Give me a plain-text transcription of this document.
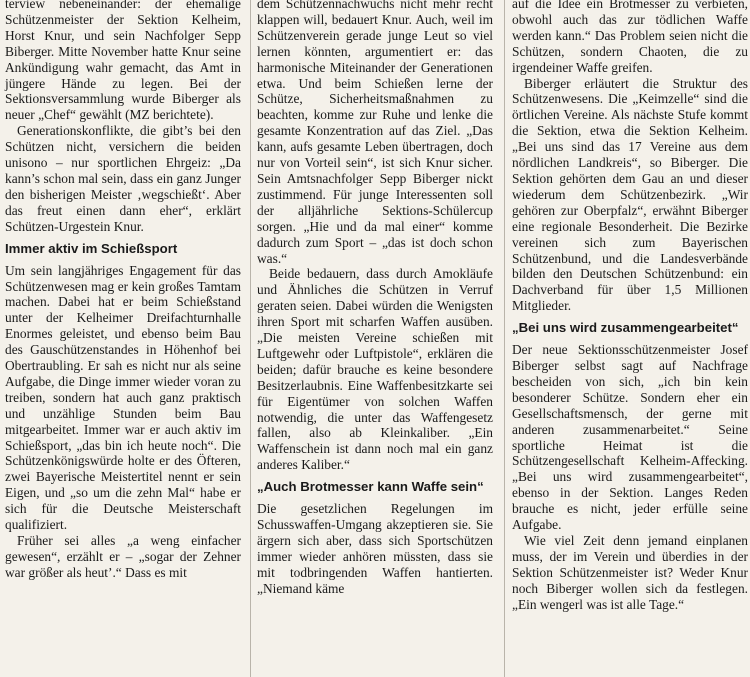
terview nebeneinander: der ehemalige Schützenmeister der Sektion Kelheim, Horst Knur, und sein Nachfolger Sepp Biberger. Mitte November hatte Knur seine Ankündigung wahr gemacht, das Amt in jüngere Hände zu legen. Bei der Sektionsversammlung wurde Biberger als neuer „Chef“ gewählt (MZ berichtete).

Generationskonflikte, die gibt’s bei den Schützen nicht, versichern die beiden unisono – nur sportlichen Ehrgeiz: „Da kann’s schon mal sein, dass ein ganz Junger den bisherigen Meister ‚wegschießt‘. Aber das freut einen dann eher“, erklärt Schützen-Urgestein Knur.

Immer aktiv im Schießsport

Um sein langjähriges Engagement für das Schützenwesen mag er kein großes Tamtam machen. Dabei hat er beim Schießstand unter der Kelheimer Dreifachturnhalle Enormes geleistet, und ebenso beim Bau des Gauschützenstandes in Höhenhof bei Obertraubling. Er sah es nicht nur als seine Aufgabe, die Dinge immer wieder voran zu treiben, sondern hat auch ganz praktisch und unzählige Stunden beim Bau mitgearbeitet. Immer war er auch aktiv im Schießsport, „das bin ich heute noch“. Die Schützenkönigswürde holte er des Öfteren, zwei Bayerische Meistertitel nennt er sein Eigen, und „so um die zehn Mal“ habe er sich für die Deutsche Meisterschaft qualifiziert.

Früher sei alles „a weng einfacher gewesen“, erzählt er – „sogar der Zehner war größer als heut’.“ Dass es mit

dem Schützennachwuchs nicht mehr recht klappen will, bedauert Knur. Auch, weil im Schützenverein gerade junge Leut so viel lernen könnten, argumentiert er: das harmonische Miteinander der Generationen etwa. Und beim Schießen lerne der Schütze, Sicherheitsmaßnahmen zu beachten, komme zur Ruhe und lenke die gesamte Konzentration auf das Ziel. „Das kann, aufs gesamte Leben übertragen, doch nur von Vorteil sein“, ist sich Knur sicher. Sein Amtsnachfolger Sepp Biberger nickt zustimmend. Für junge Interessenten soll der alljährliche Sektions-Schülercup sorgen. „Hie und da mal einer“ komme dadurch zum Sport – „das ist doch schon was.“

Beide bedauern, dass durch Amokläufe und Ähnliches die Schützen in Verruf geraten seien. Dabei würden die Wenigsten ihren Sport mit scharfen Waffen ausüben. „Die meisten Vereine schießen mit Luftgewehr oder Luftpistole“, erklären die beiden; dafür brauche es keine besondere Besitzerlaubnis. Eine Waffenbesitzkarte sei für Eigentümer von solchen Waffen notwendig, die unter das Waffengesetz fallen, also ab Kleinkaliber. „Ein Waffenschein ist dann noch mal ein ganz anderes Kaliber.“

„Auch Brotmesser kann Waffe sein“

Die gesetzlichen Regelungen im Schusswaffen-Umgang akzeptieren sie. Sie ärgern sich aber, dass sich Sportschützen immer wieder anhören müssten, dass sie mit todbringenden Waffen hantierten. „Niemand käme

auf die Idee ein Brotmesser zu verbieten, obwohl auch das zur tödlichen Waffe werden kann.“ Das Problem seien nicht die Schützen, sondern Chaoten, die zu irgendeiner Waffe greifen.

Biberger erläutert die Struktur des Schützenwesens. Die „Keimzelle“ sind die örtlichen Vereine. Als nächste Stufe kommt die Sektion, etwa die Sektion Kelheim. „Bei uns sind das 17 Vereine aus dem nördlichen Landkreis“, so Biberger. Die Sektion gehörten dem Gau an und dieser wiederum dem Schützenbezirk. „Wir gehören zur Oberpfalz“, erwähnt Biberger eine regionale Besonderheit. Die Bezirke vereinen sich zum Bayerischen Schützenbund, und die Landesverbände bilden den Deutschen Schützenbund: ein Dachverband für über 1,5 Millionen Mitglieder.

„Bei uns wird zusammengearbeitet“

Der neue Sektionsschützenmeister Josef Biberger selbst sagt auf Nachfrage bescheiden von sich, „ich bin kein besonderer Schütze. Sondern eher ein Gesellschaftsmensch, der gerne mit anderen zusammenarbeitet.“ Seine sportliche Heimat ist die Schützengesellschaft Kelheim-Affecking. „Bei uns wird zusammengearbeitet“, ebenso in der Sektion. Langes Reden brauche es nicht, jeder erfülle seine Aufgabe.

Wie viel Zeit denn jemand einplanen muss, der im Verein und überdies in der Sektion Schützenmeister ist? Weder Knur noch Biberger wollen sich da festlegen. „Ein wengerl was ist alle Tage.“
